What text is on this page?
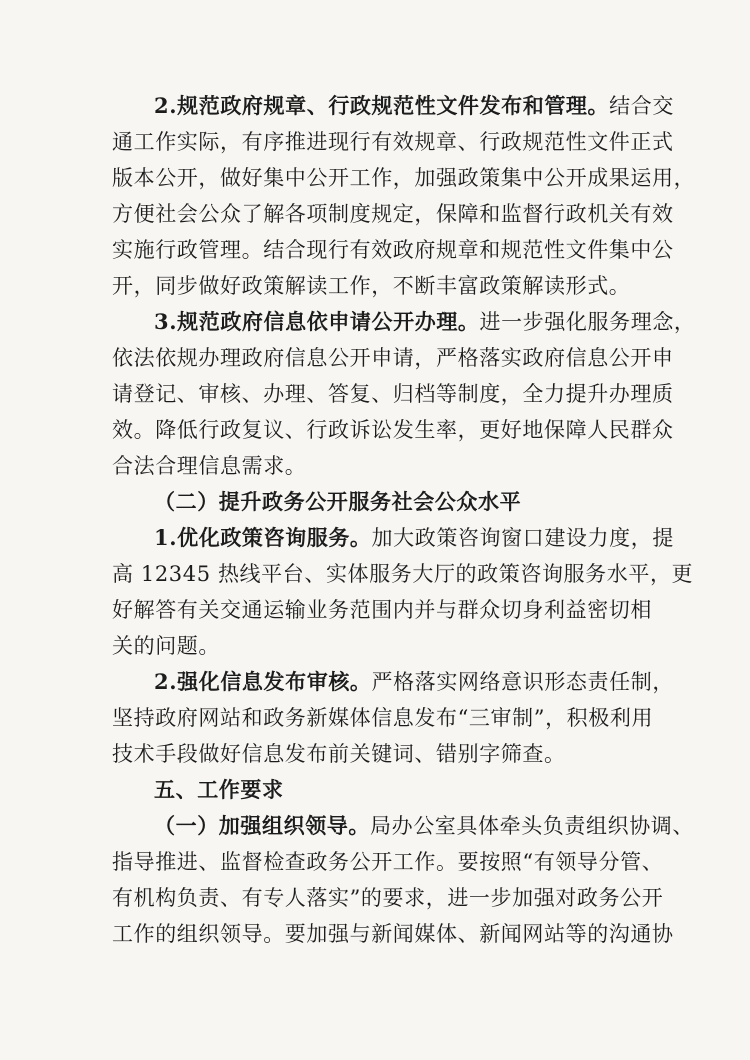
2.规范政府规章、行政规范性文件发布和管理。结合交

通工作实际，有序推进现行有效规章、行政规范性文件正式

版本公开，做好集中公开工作，加强政策集中公开成果运用，

方便社会公众了解各项制度规定，保障和监督行政机关有效

实施行政管理。结合现行有效政府规章和规范性文件集中公

开，同步做好政策解读工作，不断丰富政策解读形式。

3.规范政府信息依申请公开办理。进一步强化服务理念，

依法依规办理政府信息公开申请，严格落实政府信息公开申

请登记、审核、办理、答复、归档等制度，全力提升办理质

效。降低行政复议、行政诉讼发生率，更好地保障人民群众

合法合理信息需求。

（二）提升政务公开服务社会公众水平

1.优化政策咨询服务。加大政策咨询窗口建设力度，提

高 12345 热线平台、实体服务大厅的政策咨询服务水平，更

好解答有关交通运输业务范围内并与群众切身利益密切相

关的问题。

2.强化信息发布审核。严格落实网络意识形态责任制，

坚持政府网站和政务新媒体信息发布“三审制”，积极利用

技术手段做好信息发布前关键词、错别字筛查。

五、工作要求

（一）加强组织领导。局办公室具体牵头负责组织协调、

指导推进、监督检查政务公开工作。要按照“有领导分管、

有机构负责、有专人落实”的要求，进一步加强对政务公开

工作的组织领导。要加强与新闻媒体、新闻网站等的沟通协
